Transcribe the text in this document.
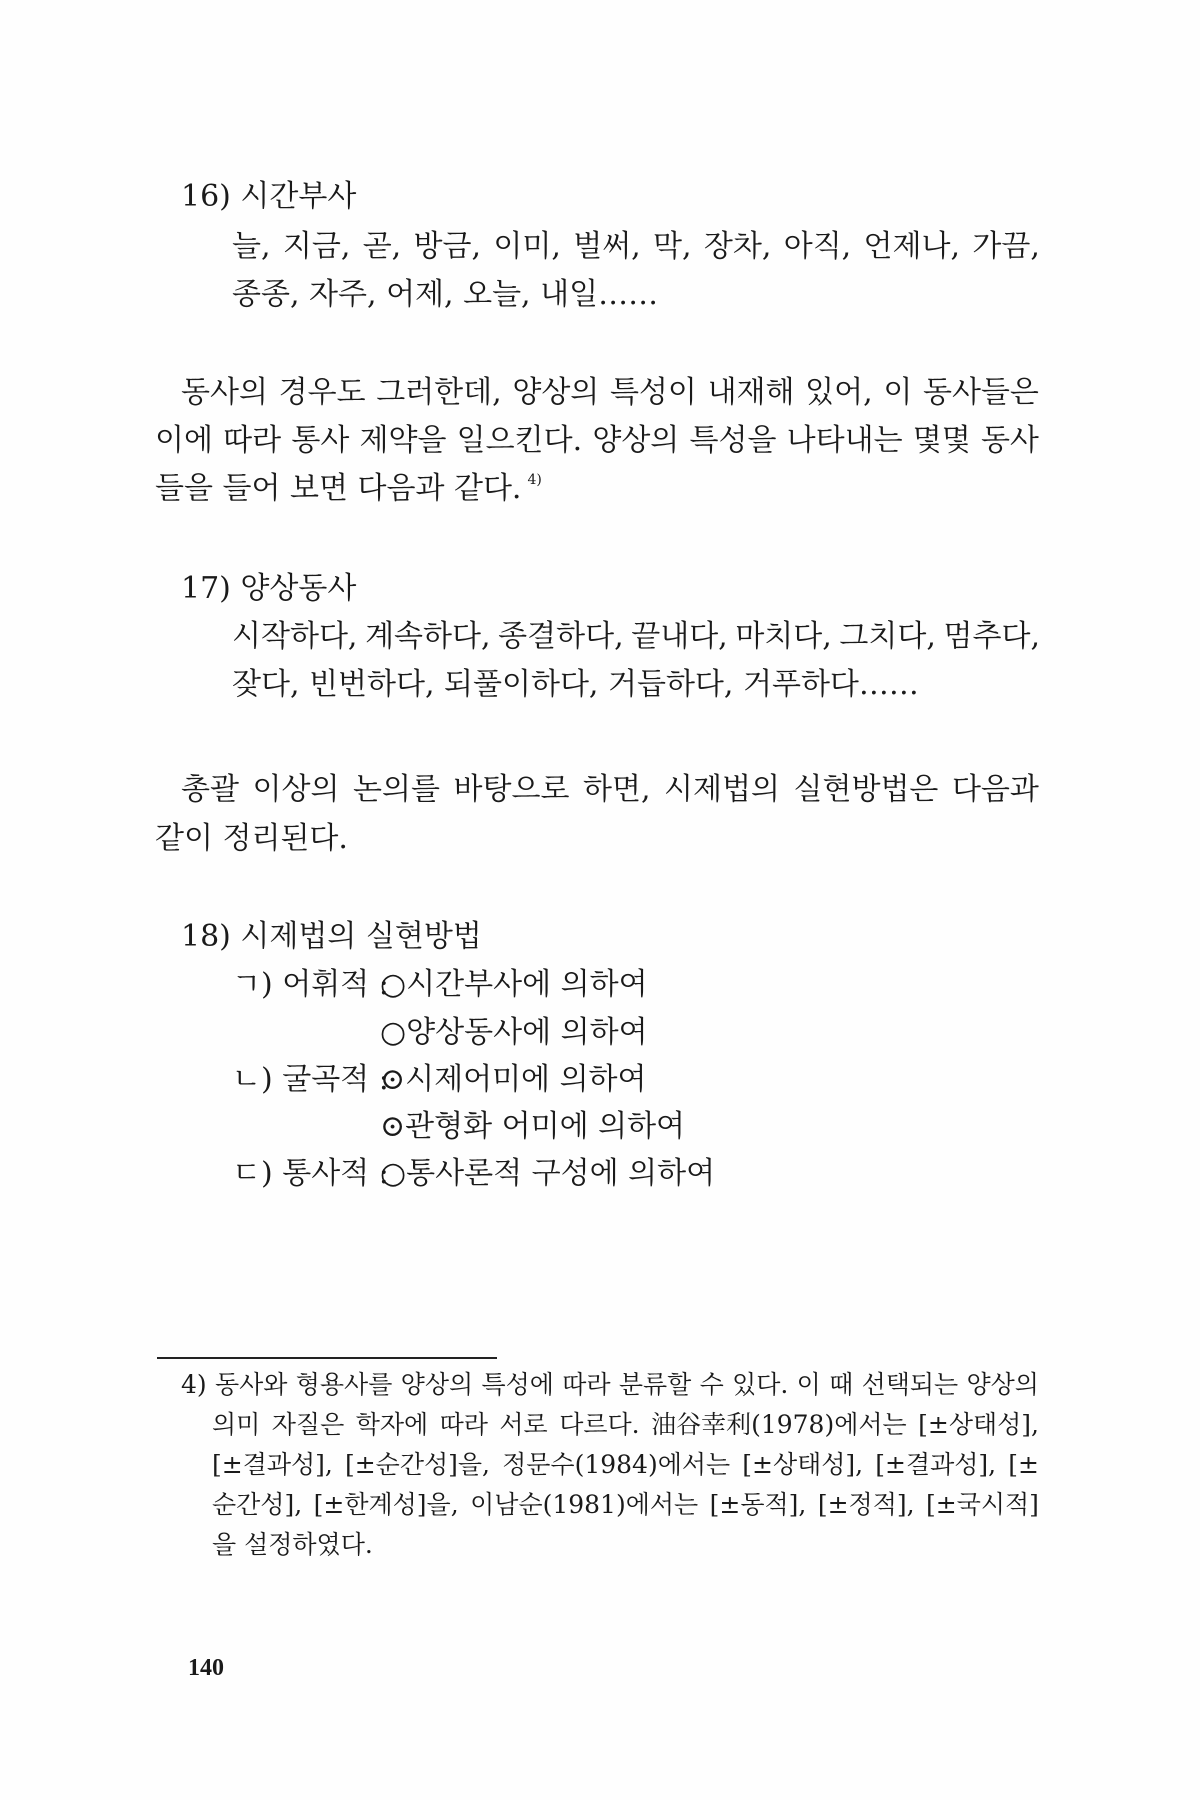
16) 시간부사
늘, 지금, 곧, 방금, 이미, 벌써, 막, 장차, 아직, 언제나, 가끔,
종종, 자주, 어제, 오늘, 내일……
동사의 경우도 그러한데, 양상의 특성이 내재해 있어, 이 동사들은
이에 따라 통사 제약을 일으킨다. 양상의 특성을 나타내는 몇몇 동사
들을 들어 보면 다음과 같다. $^{4)}$
17) 양상동사
시작하다, 계속하다, 종결하다, 끝내다, 마치다, 그치다, 멈추다,
잦다, 빈번하다, 되풀이하다, 거듭하다, 거푸하다……
총괄 이상의 논의를 바탕으로 하면, 시제법의 실현방법은 다음과
같이 정리된다.
18) 시제법의 실현방법
ㄱ) 어휘적 :
○시간부사에 의하여
○양상동사에 의하여
ㄴ) 굴곡적 :
⊙시제어미에 의하여
⊙관형화 어미에 의하여
ㄷ) 통사적 :
○통사론적 구성에 의하여
4) 동사와 형용사를 양상의 특성에 따라 분류할 수 있다. 이 때 선택되는 양상의
의미 자질은 학자에 따라 서로 다르다. 油谷幸利(1978)에서는 [±상태성],
[±결과성], [±순간성]을, 정문수(1984)에서는 [±상태성], [±결과성], [±
순간성], [±한계성]을, 이남순(1981)에서는 [±동적], [±정적], [±국시적]
을 설정하였다.
140
